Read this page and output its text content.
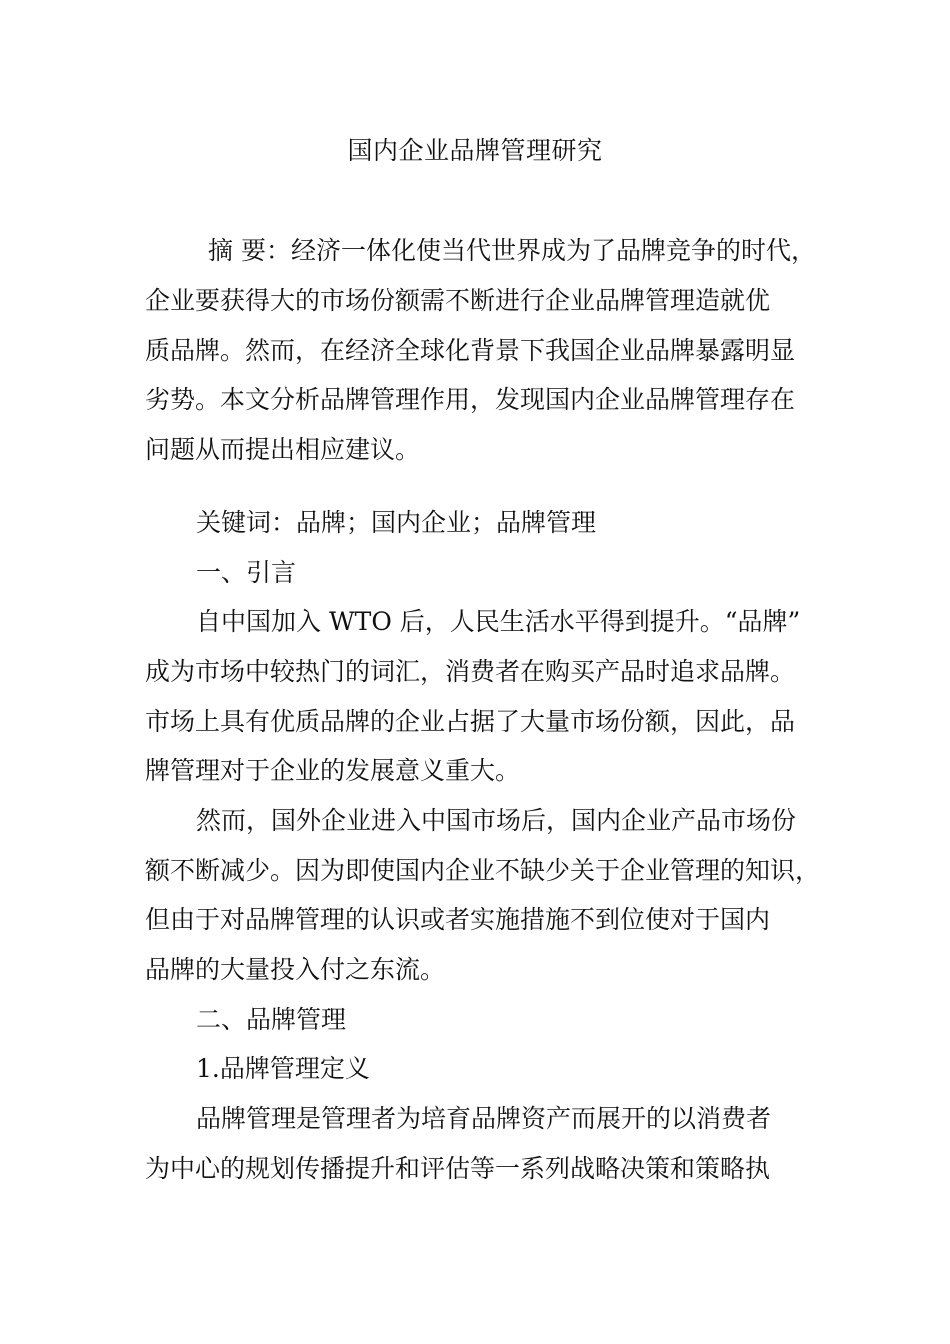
国内企业品牌管理研究
摘 要：经济一体化使当代世界成为了品牌竞争的时代，
企业要获得大的市场份额需不断进行企业品牌管理造就优
质品牌。然而，在经济全球化背景下我国企业品牌暴露明显
劣势。本文分析品牌管理作用，发现国内企业品牌管理存在
问题从而提出相应建议。
关键词：品牌；国内企业；品牌管理
一、引言
自中国加入 WTO 后，人民生活水平得到提升。“品牌”
成为市场中较热门的词汇，消费者在购买产品时追求品牌。
市场上具有优质品牌的企业占据了大量市场份额，因此，品
牌管理对于企业的发展意义重大。
然而，国外企业进入中国市场后，国内企业产品市场份
额不断减少。因为即使国内企业不缺少关于企业管理的知识，
但由于对品牌管理的认识或者实施措施不到位使对于国内
品牌的大量投入付之东流。
二、品牌管理
1.品牌管理定义
品牌管理是管理者为培育品牌资产而展开的以消费者
为中心的规划传播提升和评估等一系列战略决策和策略执
